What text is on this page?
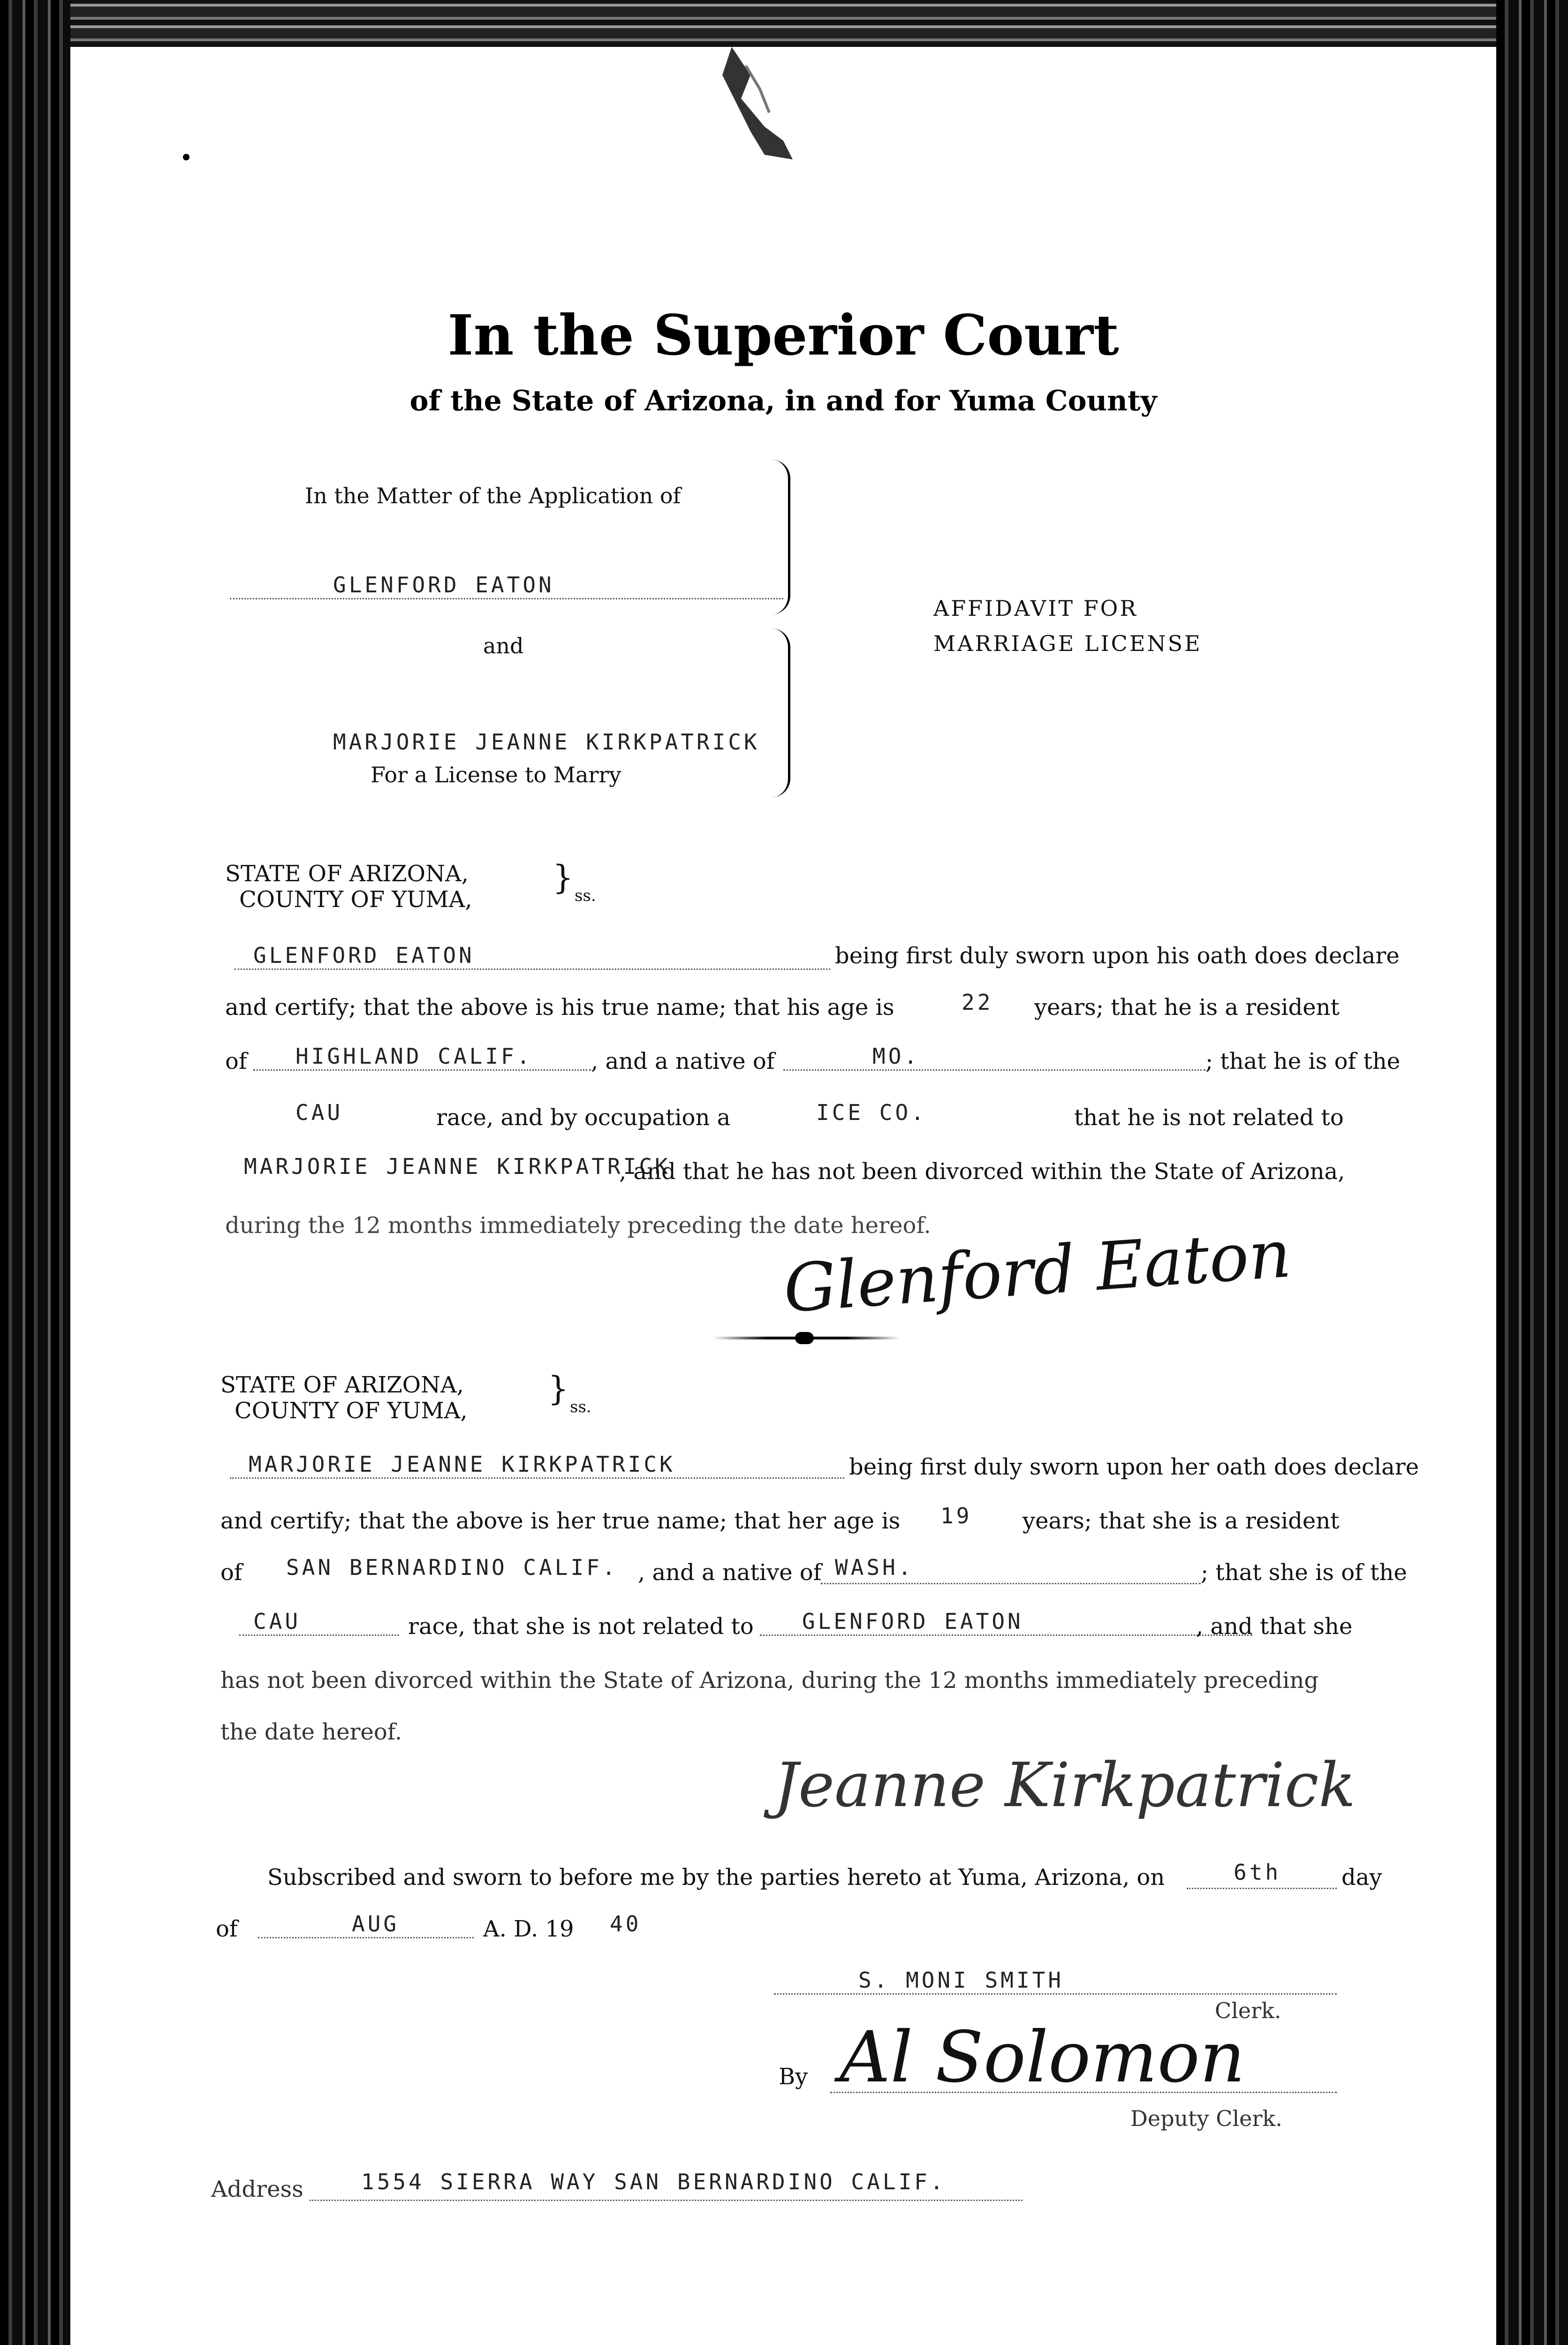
In the Superior Court
of the State of Arizona, in and for Yuma County
In the Matter of the Application of
GLENFORD EATON
and
MARJORIE JEANNE KIRKPATRICK
For a License to Marry
AFFIDAVIT FOR
MARRIAGE LICENSE
STATE OF ARIZONA,
COUNTY OF YUMA,	ss.
}
GLENFORD EATON	being first duly sworn upon his oath does declare
and certify; that the above is his true name; that his age is	22 years; that he is a resident
of HIGHLAND CALIF.	, and a native of	MO.	; that he is of the
CAU	race, and by occupation a	ICE CO.	that he is not related to
MARJORIE JEANNE KIRKPATRICK
, and that he has not been divorced within the State of Arizona,
during the 12 months immediately preceding the date hereof.
Glenford Eaton
STATE OF ARIZONA,
COUNTY OF YUMA,	ss.
}
MARJORIE JEANNE KIRKPATRICK	being first duly sworn upon her oath does declare
and certify; that the above is her true name; that her age is 19 years; that she is a resident
of SAN BERNARDINO CALIF. , and a native of WASH.	; that she is of the
CAU	race, that she is not related to GLENFORD EATON	, and that she
has not been divorced within the State of Arizona, during the 12 months immediately preceding
the date hereof.
Jeanne Kirkpatrick
Subscribed and sworn to before me by the parties hereto at Yuma, Arizona, on	6th	day
of	AUG	A. D. 19 40
S. MONI SMITH
Clerk.
By Al Solomon
Deputy Clerk.
Address	1554 SIERRA WAY SAN BERNARDINO CALIF.
